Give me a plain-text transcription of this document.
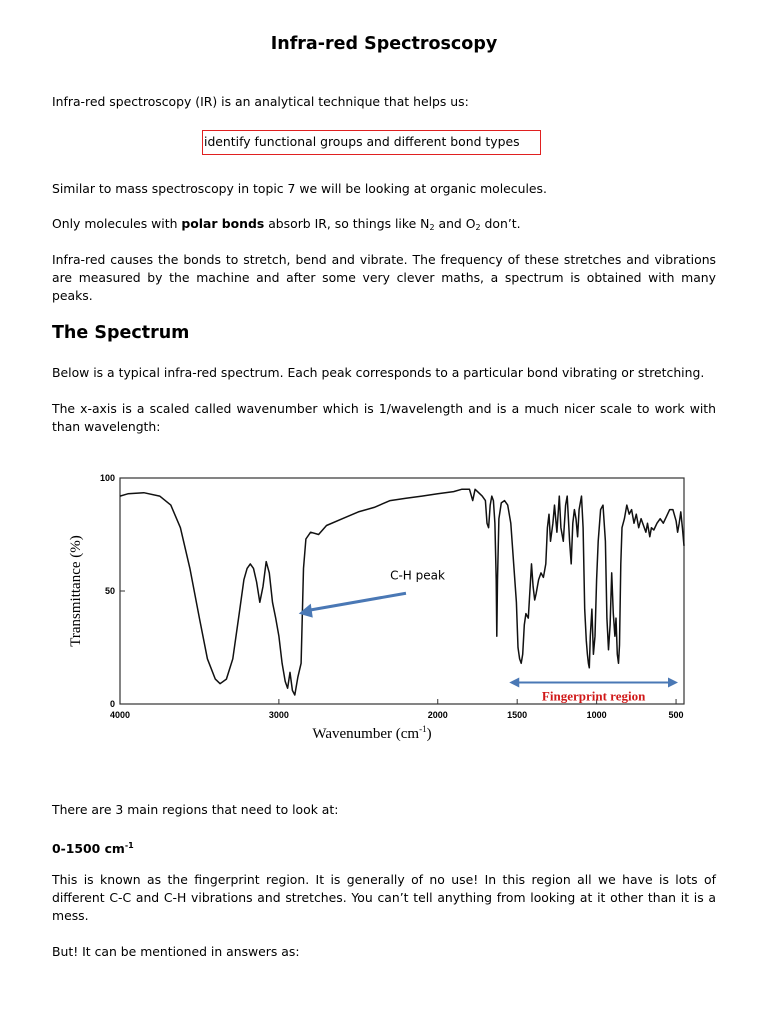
Infra-red Spectroscopy

Infra-red spectroscopy (IR) is an analytical technique that helps us:

identify functional groups and different bond types

Similar to mass spectroscopy in topic 7 we will be looking at organic molecules.

Only molecules with polar bonds absorb IR, so things like $N_2$ and $O_2$ don’t.

Infra-red causes the bonds to stretch, bend and vibrate. The frequency of these stretches and vibrations are measured by the machine and after some very clever maths, a spectrum is obtained with many peaks.

The Spectrum

Below is a typical infra-red spectrum. Each peak corresponds to a particular bond vibrating or stretching.

The x-axis is a scaled called wavenumber which is 1/wavelength and is a much nicer scale to work with than wavelength:

4000	3000	2000	1500	1000	500
0
50
100
Transmittance (%)
Wavenumber $(cm^{-1})$
C-H peak
Fingerprint region

There are 3 main regions that need to look at:

0-1500 $cm^{-1}$

This is known as the fingerprint region. It is generally of no use! In this region all we have is lots of different C-C and C-H vibrations and stretches. You can’t tell anything from looking at it other than it is a mess.

But! It can be mentioned in answers as:
